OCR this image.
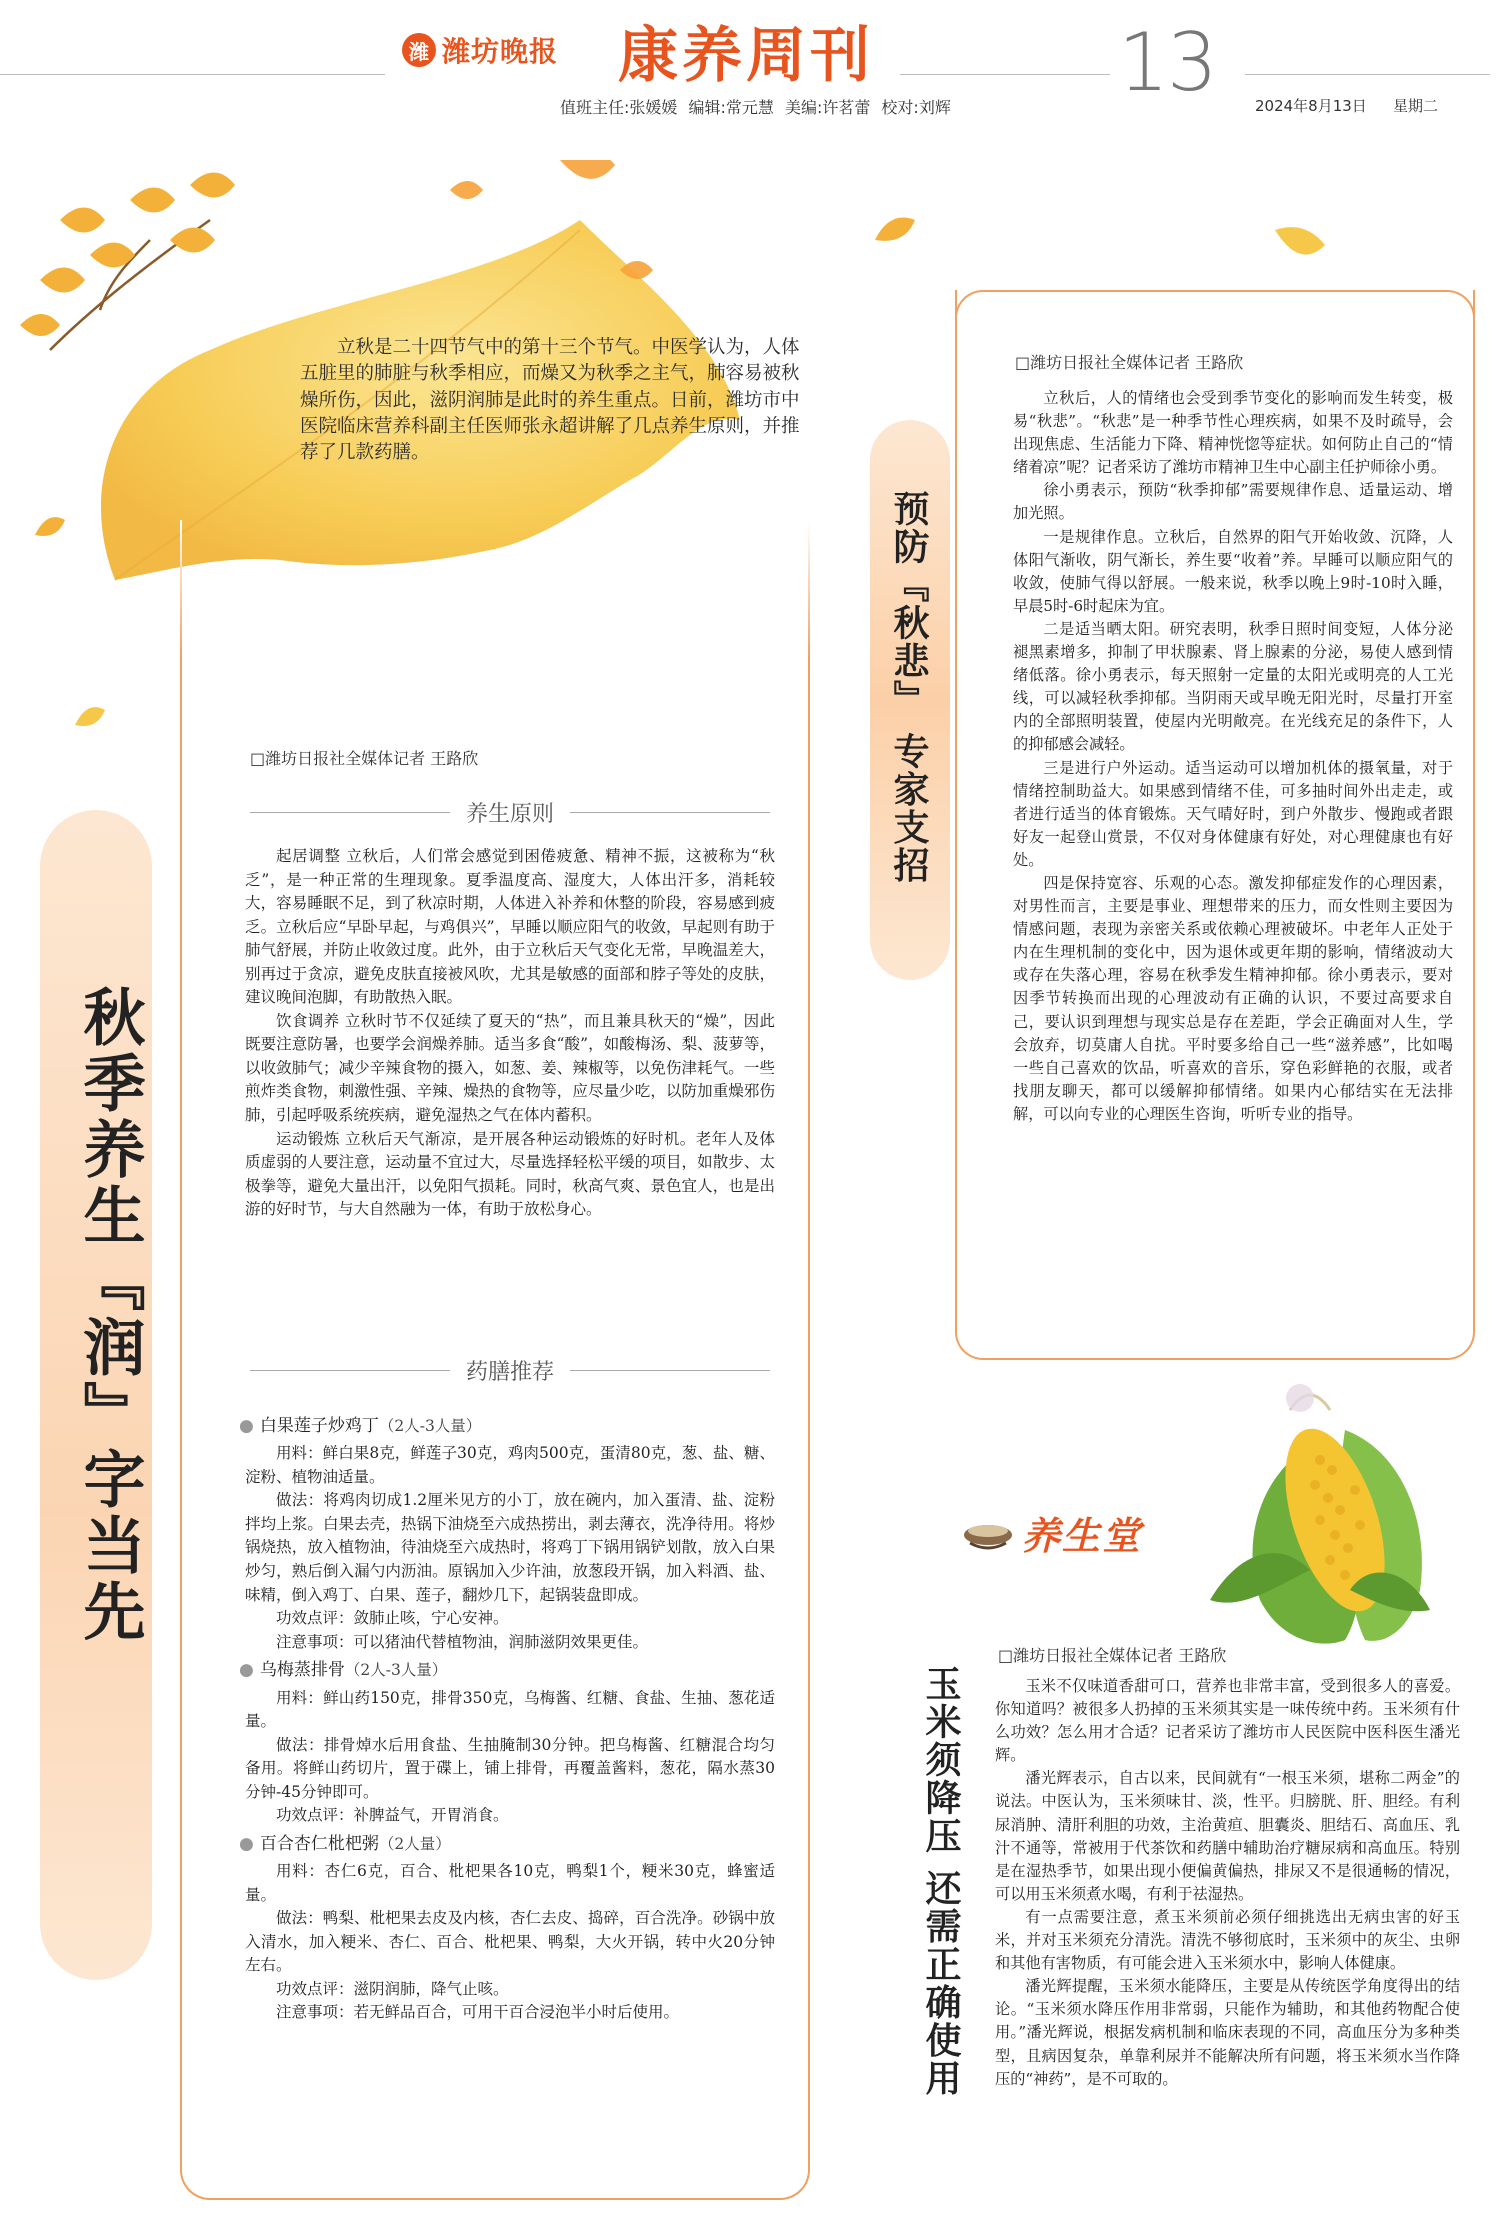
潍 潍坊晚报 康养周刊	13
值班主任:张媛媛 编辑:常元慧 美编:许茗蕾 校对:刘辉	2024年8月13日 星期二

立秋是二十四节气中的第十三个节气。中医学认为，人体五脏里的肺脏与秋季相应，而燥又为秋季之主气，肺容易被秋燥所伤，因此，滋阴润肺是此时的养生重点。日前，潍坊市中医院临床营养科副主任医师张永超讲解了几点养生原则，并推荐了几款药膳。

秋季养生『润』字当先
□潍坊日报社全媒体记者 王路欣
养生原则

起居调整 立秋后，人们常会感觉到困倦疲惫、精神不振，这被称为“秋乏”，是一种正常的生理现象。夏季温度高、湿度大，人体出汗多，消耗较大，容易睡眠不足，到了秋凉时期，人体进入补养和休整的阶段，容易感到疲乏。立秋后应“早卧早起，与鸡俱兴”，早睡以顺应阳气的收敛，早起则有助于肺气舒展，并防止收敛过度。此外，由于立秋后天气变化无常，早晚温差大，别再过于贪凉，避免皮肤直接被风吹，尤其是敏感的面部和脖子等处的皮肤，建议晚间泡脚，有助散热入眠。

饮食调养 立秋时节不仅延续了夏天的“热”，而且兼具秋天的“燥”，因此既要注意防暑，也要学会润燥养肺。适当多食“酸”，如酸梅汤、梨、菠萝等，以收敛肺气；减少辛辣食物的摄入，如葱、姜、辣椒等，以免伤津耗气。一些煎炸类食物，刺激性强、辛辣、燥热的食物等，应尽量少吃，以防加重燥邪伤肺，引起呼吸系统疾病，避免湿热之气在体内蓄积。

运动锻炼 立秋后天气渐凉，是开展各种运动锻炼的好时机。老年人及体质虚弱的人要注意，运动量不宜过大，尽量选择轻松平缓的项目，如散步、太极拳等，避免大量出汗，以免阳气损耗。同时，秋高气爽、景色宜人，也是出游的好时节，与大自然融为一体，有助于放松身心。

药膳推荐

● 白果莲子炒鸡丁（2人-3人量）

用料：鲜白果8克，鲜莲子30克，鸡肉500克，蛋清80克，葱、盐、糖、淀粉、植物油适量。

做法：将鸡肉切成1.2厘米见方的小丁，放在碗内，加入蛋清、盐、淀粉拌均上浆。白果去壳，热锅下油烧至六成热捞出，剥去薄衣，洗净待用。将炒锅烧热，放入植物油，待油烧至六成热时，将鸡丁下锅用锅铲划散，放入白果炒匀，熟后倒入漏勺内沥油。原锅加入少许油，放葱段开锅，加入料酒、盐、味精，倒入鸡丁、白果、莲子，翻炒几下，起锅装盘即成。

功效点评：敛肺止咳，宁心安神。

注意事项：可以猪油代替植物油，润肺滋阴效果更佳。

● 乌梅蒸排骨（2人-3人量）

用料：鲜山药150克，排骨350克，乌梅酱、红糖、食盐、生抽、葱花适量。

做法：排骨焯水后用食盐、生抽腌制30分钟。把乌梅酱、红糖混合均匀备用。将鲜山药切片，置于碟上，铺上排骨，再覆盖酱料，葱花，隔水蒸30分钟-45分钟即可。

功效点评：补脾益气，开胃消食。

● 百合杏仁枇杷粥（2人量）

用料：杏仁6克，百合、枇杷果各10克，鸭梨1个，粳米30克，蜂蜜适量。

做法：鸭梨、枇杷果去皮及内核，杏仁去皮、捣碎，百合洗净。砂锅中放入清水，加入粳米、杏仁、百合、枇杷果、鸭梨，大火开锅，转中火20分钟左右。

功效点评：滋阴润肺，降气止咳。

注意事项：若无鲜品百合，可用干百合浸泡半小时后使用。

预防『秋悲』 专家支招
□潍坊日报社全媒体记者 王路欣

立秋后，人的情绪也会受到季节变化的影响而发生转变，极易“秋悲”。“秋悲”是一种季节性心理疾病，如果不及时疏导，会出现焦虑、生活能力下降、精神恍惚等症状。如何防止自己的“情绪着凉”呢？记者采访了潍坊市精神卫生中心副主任护师徐小勇。

徐小勇表示，预防“秋季抑郁”需要规律作息、适量运动、增加光照。

一是规律作息。立秋后，自然界的阳气开始收敛、沉降，人体阳气渐收，阴气渐长，养生要“收着”养。早睡可以顺应阳气的收敛，使肺气得以舒展。一般来说，秋季以晚上9时-10时入睡，早晨5时-6时起床为宜。

二是适当晒太阳。研究表明，秋季日照时间变短，人体分泌褪黑素增多，抑制了甲状腺素、肾上腺素的分泌，易使人感到情绪低落。徐小勇表示，每天照射一定量的太阳光或明亮的人工光线，可以减轻秋季抑郁。当阴雨天或早晚无阳光时，尽量打开室内的全部照明装置，使屋内光明敞亮。在光线充足的条件下，人的抑郁感会减轻。

三是进行户外运动。适当运动可以增加机体的摄氧量，对于情绪控制助益大。如果感到情绪不佳，可多抽时间外出走走，或者进行适当的体育锻炼。天气晴好时，到户外散步、慢跑或者跟好友一起登山赏景，不仅对身体健康有好处，对心理健康也有好处。

四是保持宽容、乐观的心态。激发抑郁症发作的心理因素，对男性而言，主要是事业、理想带来的压力，而女性则主要因为情感问题，表现为亲密关系或依赖心理被破坏。中老年人正处于内在生理机制的变化中，因为退休或更年期的影响，情绪波动大或存在失落心理，容易在秋季发生精神抑郁。徐小勇表示，要对因季节转换而出现的心理波动有正确的认识，不要过高要求自己，要认识到理想与现实总是存在差距，学会正确面对人生，学会放弃，切莫庸人自扰。平时要多给自己一些“滋养感”，比如喝一些自己喜欢的饮品，听喜欢的音乐，穿色彩鲜艳的衣服，或者找朋友聊天，都可以缓解抑郁情绪。如果内心郁结实在无法排解，可以向专业的心理医生咨询，听听专业的指导。

养生堂
玉米须降压 还需正确使用
□潍坊日报社全媒体记者 王路欣

玉米不仅味道香甜可口，营养也非常丰富，受到很多人的喜爱。你知道吗？被很多人扔掉的玉米须其实是一味传统中药。玉米须有什么功效？怎么用才合适？记者采访了潍坊市人民医院中医科医生潘光辉。

潘光辉表示，自古以来，民间就有“一根玉米须，堪称二两金”的说法。中医认为，玉米须味甘、淡，性平。归膀胱、肝、胆经。有利尿消肿、清肝利胆的功效，主治黄疸、胆囊炎、胆结石、高血压、乳汁不通等，常被用于代茶饮和药膳中辅助治疗糖尿病和高血压。特别是在湿热季节，如果出现小便偏黄偏热，排尿又不是很通畅的情况，可以用玉米须煮水喝，有利于祛湿热。

有一点需要注意，煮玉米须前必须仔细挑选出无病虫害的好玉米，并对玉米须充分清洗。清洗不够彻底时，玉米须中的灰尘、虫卵和其他有害物质，有可能会进入玉米须水中，影响人体健康。

潘光辉提醒，玉米须水能降压，主要是从传统医学角度得出的结论。“玉米须水降压作用非常弱，只能作为辅助，和其他药物配合使用。”潘光辉说，根据发病机制和临床表现的不同，高血压分为多种类型，且病因复杂，单靠利尿并不能解决所有问题，将玉米须水当作降压的“神药”，是不可取的。
